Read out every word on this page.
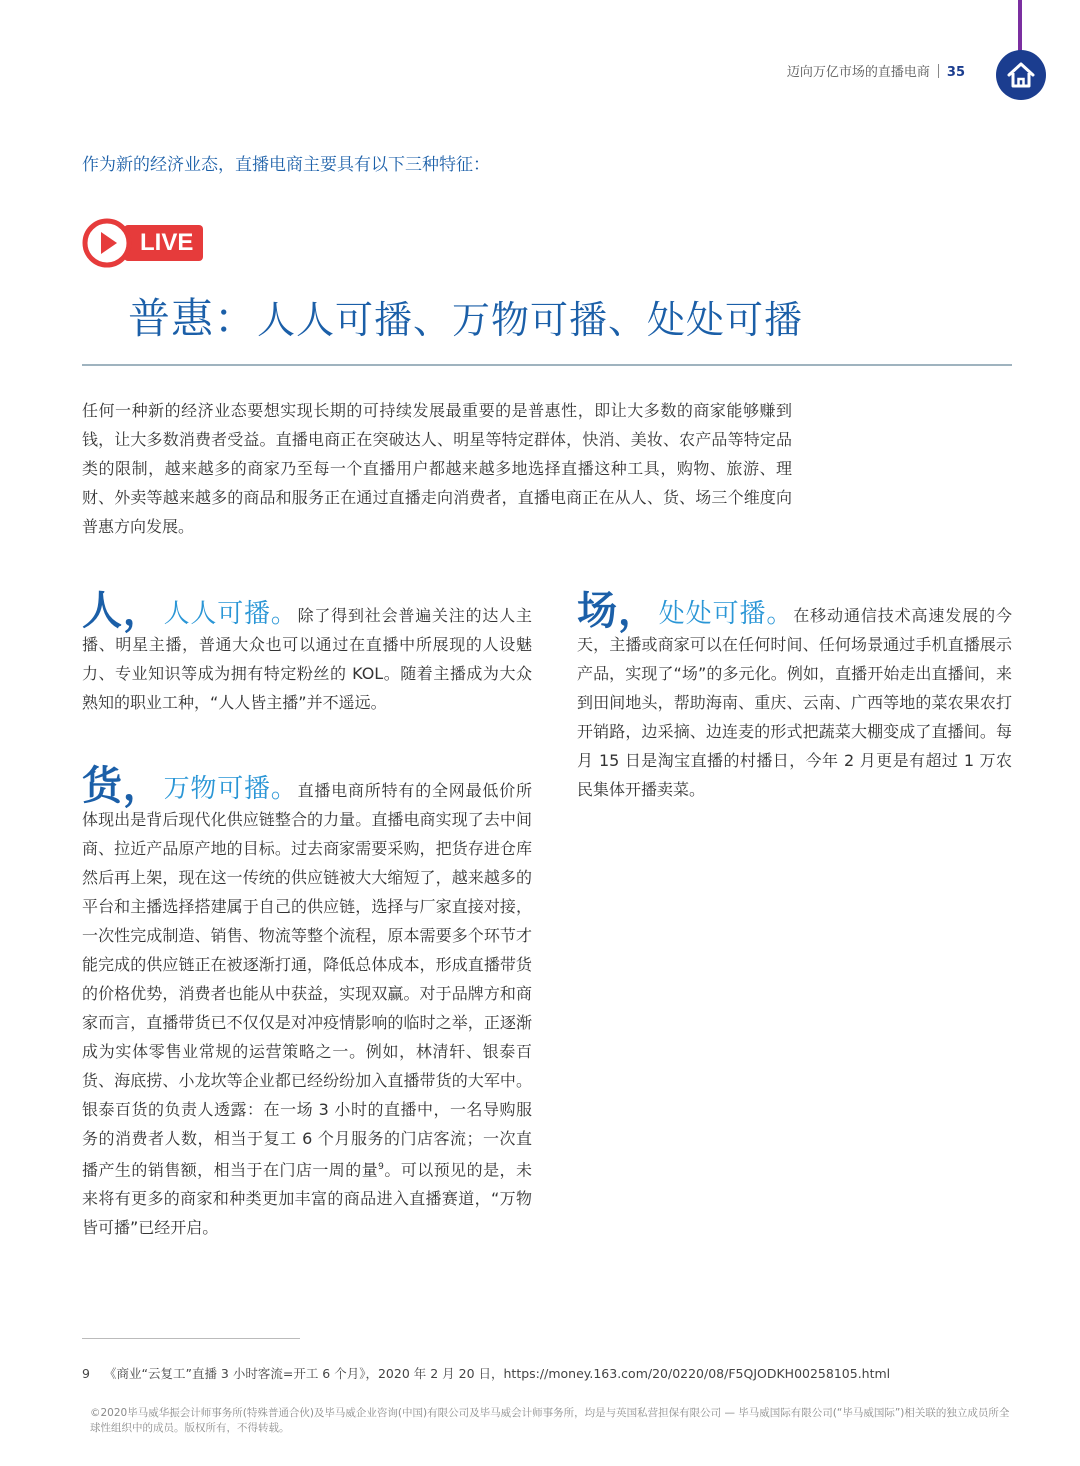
迈向万亿市场的直播电商 35
作为新的经济业态，直播电商主要具有以下三种特征：
LIVE
普惠：人人可播、万物可播、处处可播
任何一种新的经济业态要想实现长期的可持续发展最重要的是普惠性，即让大多数的商家能够赚到钱，让大多数消费者受益。直播电商正在突破达人、明星等特定群体，快消、美妆、农产品等特定品类的限制，越来越多的商家乃至每一个直播用户都越来越多地选择直播这种工具，购物、旅游、理财、外卖等越来越多的商品和服务正在通过直播走向消费者，直播电商正在从人、货、场三个维度向普惠方向发展。
人，人人可播。除了得到社会普遍关注的达人主播、明星主播，普通大众也可以通过在直播中所展现的人设魅力、专业知识等成为拥有特定粉丝的 KOL。随着主播成为大众熟知的职业工种，“人人皆主播”并不遥远。
货，万物可播。直播电商所特有的全网最低价所体现出是背后现代化供应链整合的力量。直播电商实现了去中间商、拉近产品原产地的目标。过去商家需要采购，把货存进仓库然后再上架，现在这一传统的供应链被大大缩短了，越来越多的平台和主播选择搭建属于自己的供应链，选择与厂家直接对接，一次性完成制造、销售、物流等整个流程，原本需要多个环节才能完成的供应链正在被逐渐打通，降低总体成本，形成直播带货的价格优势，消费者也能从中获益，实现双赢。对于品牌方和商家而言，直播带货已不仅仅是对冲疫情影响的临时之举，正逐渐成为实体零售业常规的运营策略之一。例如，林清轩、银泰百货、海底捞、小龙坎等企业都已经纷纷加入直播带货的大军中。银泰百货的负责人透露：在一场 3 小时的直播中，一名导购服务的消费者人数，相当于复工 6 个月服务的门店客流；一次直播产生的销售额，相当于在门店一周的量$^9$。可以预见的是，未来将有更多的商家和种类更加丰富的商品进入直播赛道，“万物皆可播”已经开启。
场，处处可播。在移动通信技术高速发展的今天，主播或商家可以在任何时间、任何场景通过手机直播展示产品，实现了“场”的多元化。例如，直播开始走出直播间，来到田间地头，帮助海南、重庆、云南、广西等地的菜农果农打开销路，边采摘、边连麦的形式把蔬菜大棚变成了直播间。每月 15 日是淘宝直播的村播日，今年 2 月更是有超过 1 万农民集体开播卖菜。
9 《商业“云复工”直播 3 小时客流=开工 6 个月》，2020 年 2 月 20 日，https://money.163.com/20/0220/08/F5QJODKH00258105.html
©2020毕马威华振会计师事务所(特殊普通合伙)及毕马威企业咨询(中国)有限公司及毕马威会计师事务所，均是与英国私营担保有限公司 — 毕马威国际有限公司(“毕马威国际”)相关联的独立成员所全球性组织中的成员。版权所有，不得转载。
